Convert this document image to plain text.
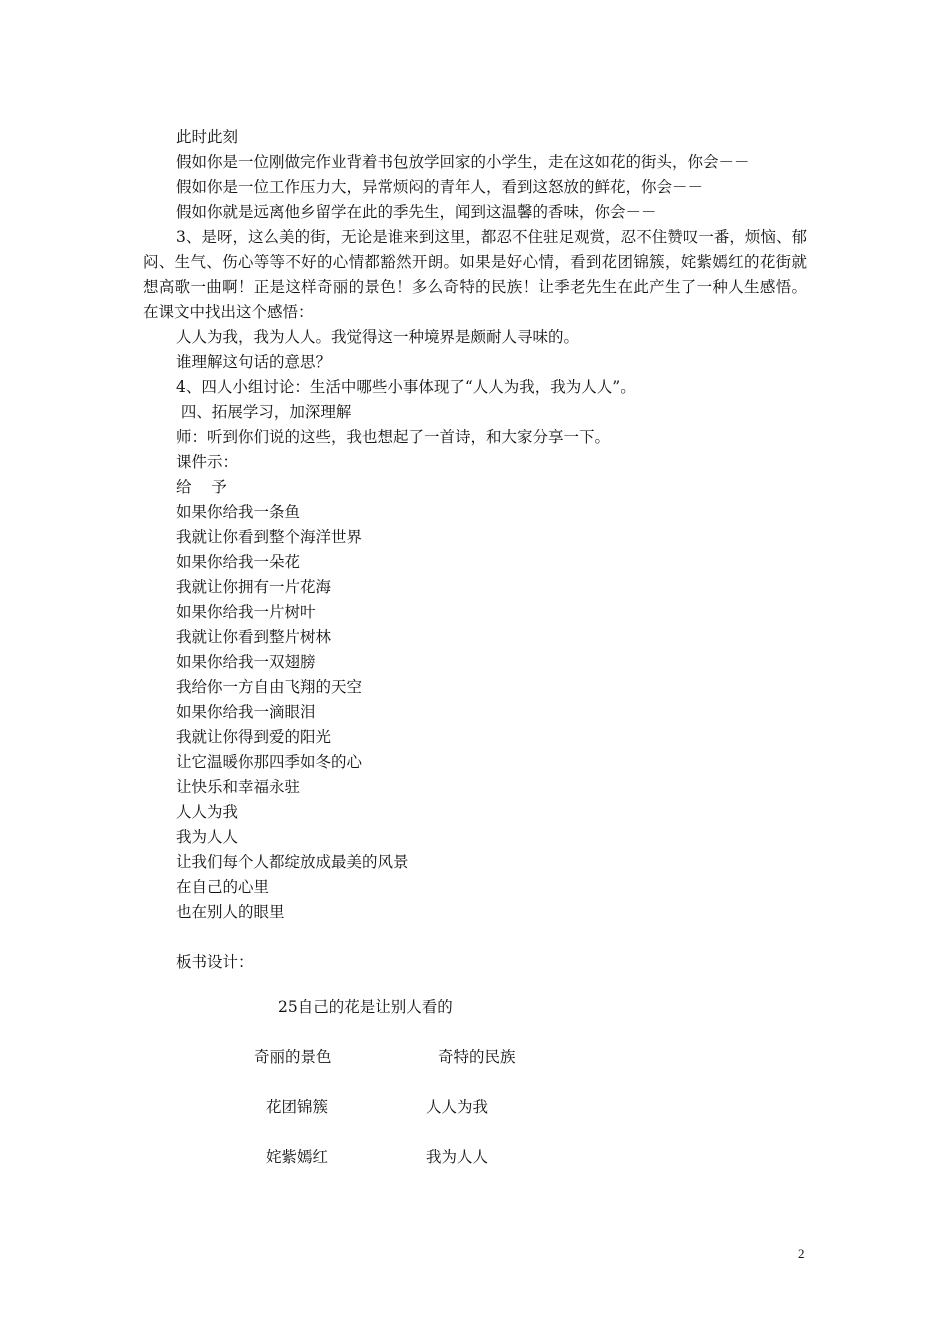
此时此刻

假如你是一位刚做完作业背着书包放学回家的小学生，走在这如花的街头，你会－－

假如你是一位工作压力大，异常烦闷的青年人，看到这怒放的鲜花，你会－－

假如你就是远离他乡留学在此的季先生，闻到这温馨的香味，你会－－

3、是呀，这么美的街，无论是谁来到这里，都忍不住驻足观赏，忍不住赞叹一番，烦恼、郁闷、生气、伤心等等不好的心情都豁然开朗。如果是好心情，看到花团锦簇，姹紫嫣红的花街就想高歌一曲啊！正是这样奇丽的景色！多么奇特的民族！让季老先生在此产生了一种人生感悟。在课文中找出这个感悟：

人人为我，我为人人。我觉得这一种境界是颇耐人寻味的。

谁理解这句话的意思？

4、四人小组讨论：生活中哪些小事体现了“人人为我，我为人人”。

四、拓展学习，加深理解

师：听到你们说的这些，我也想起了一首诗，和大家分享一下。

课件示：

给    予

如果你给我一条鱼

我就让你看到整个海洋世界

如果你给我一朵花

我就让你拥有一片花海

如果你给我一片树叶

我就让你看到整片树林

如果你给我一双翅膀

我给你一方自由飞翔的天空

如果你给我一滴眼泪

我就让你得到爱的阳光

让它温暖你那四季如冬的心

让快乐和幸福永驻

人人为我

我为人人

让我们每个人都绽放成最美的风景

在自己的心里

也在别人的眼里

板书设计：

25自己的花是让别人看的
奇丽的景色	奇特的民族
花团锦簇	人人为我
姹紫嫣红	我为人人
2
